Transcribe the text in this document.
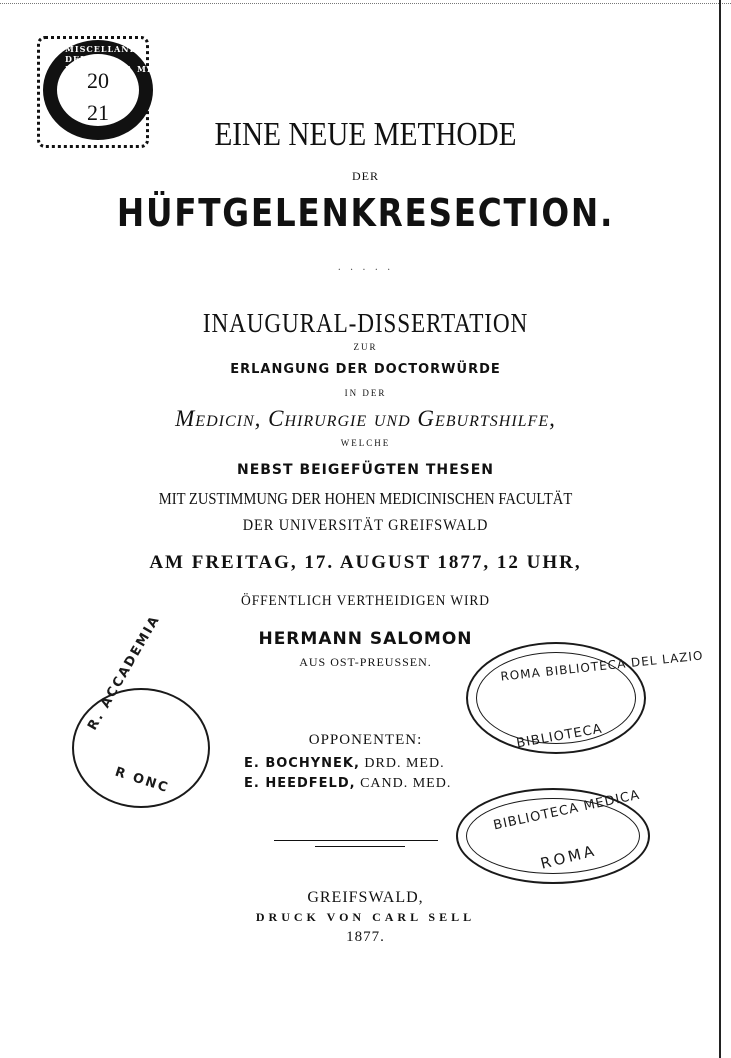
MISCELLANEA DELLA R. BIBLIOTECA MEDICA
20
21
EINE NEUE METHODE
DER
HÜFTGELENKRESECTION.
· · · · ·
INAUGURAL-DISSERTATION
ZUR
ERLANGUNG DER DOCTORWÜRDE
IN DER
Medicin, Chirurgie und Geburtshilfe,
WELCHE
NEBST BEIGEFÜGTEN THESEN
MIT ZUSTIMMUNG DER HOHEN MEDICINISCHEN FACULTÄT
DER UNIVERSITÄT GREIFSWALD
AM FREITAG, 17. AUGUST 1877, 12 UHR,
ÖFFENTLICH VERTHEIDIGEN WIRD
HERMANN SALOMON
AUS OST-PREUSSEN.
OPPONENTEN:
E. BOCHYNEK, DRD. MED.
E. HEEDFELD, CAND. MED.
GREIFSWALD,
DRUCK VON CARL SELL
1877.
R. ACCADEMIA
R ONC
ROMA BIBLIOTECA DEL LAZIO
BIBLIOTECA
BIBLIOTECA MEDICA
ROMA
